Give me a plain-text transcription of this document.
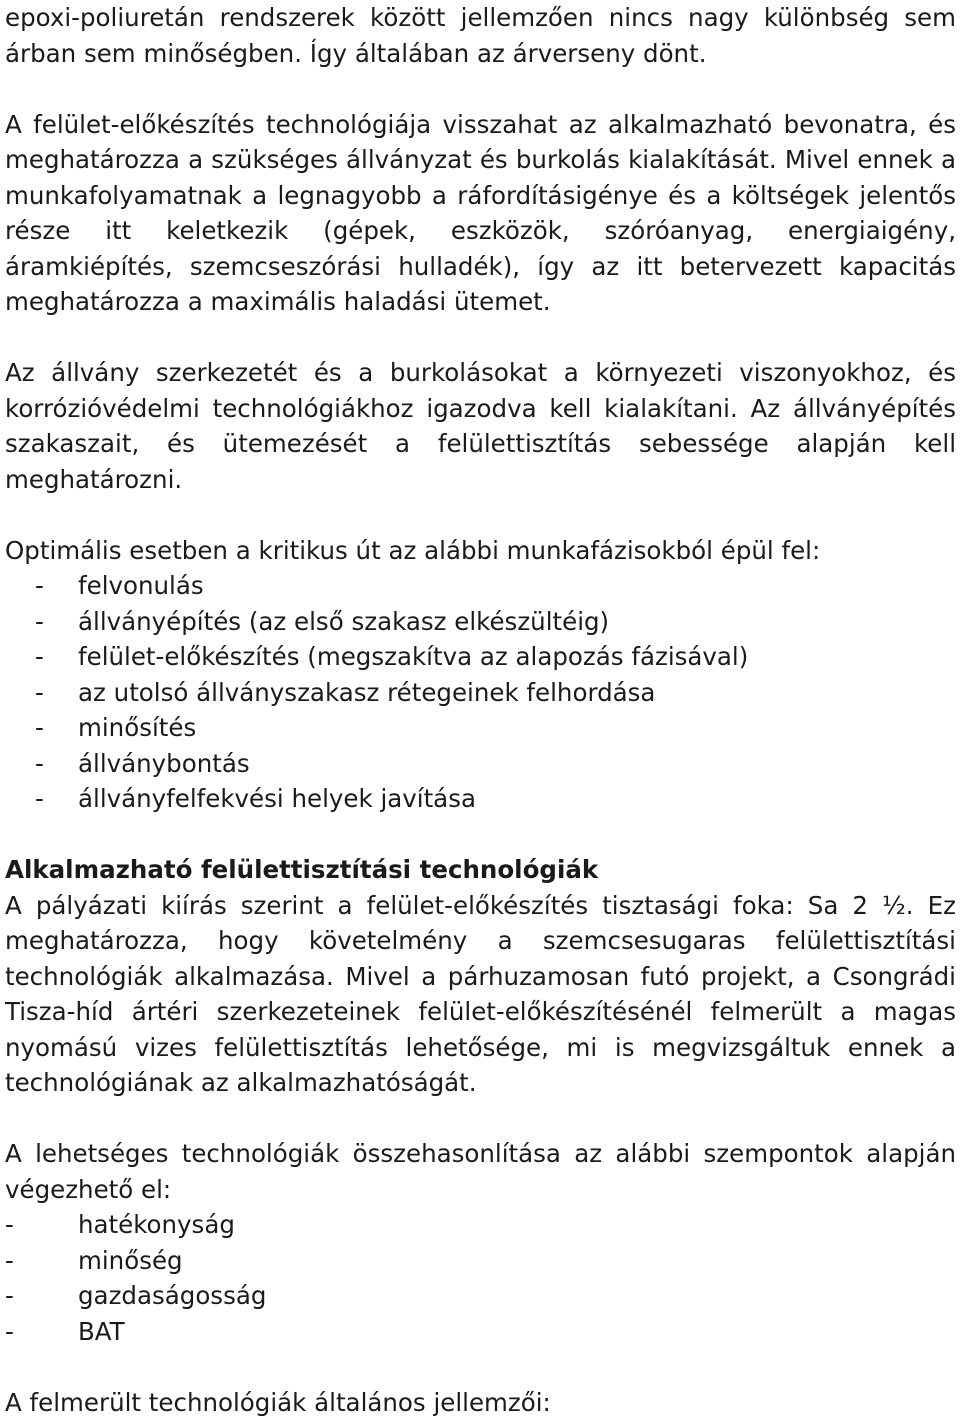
epoxi-poliuretán rendszerek között jellemzően nincs nagy különbség sem árban sem minőségben. Így általában az árverseny dönt.

A felület-előkészítés technológiája visszahat az alkalmazható bevonatra, és meghatározza a szükséges állványzat és burkolás kialakítását. Mivel ennek a munkafolyamatnak a legnagyobb a ráfordításigénye és a költségek jelentős része itt keletkezik (gépek, eszközök, szóróanyag, energiaigény, áramkiépítés, szemcseszórási hulladék), így az itt betervezett kapacitás meghatározza a maximális haladási ütemet.

Az állvány szerkezetét és a burkolásokat a környezeti viszonyokhoz, és korrózióvédelmi technológiákhoz igazodva kell kialakítani. Az állványépítés szakaszait, és ütemezését a felülettisztítás sebessége alapján kell meghatározni.

Optimális esetben a kritikus út az alábbi munkafázisokból épül fel:

- felvonulás
- állványépítés (az első szakasz elkészültéig)
- felület-előkészítés (megszakítva az alapozás fázisával)
- az utolsó állványszakasz rétegeinek felhordása
- minősítés
- állványbontás
- állványfelfekvési helyek javítása

Alkalmazható felülettisztítási technológiák

A pályázati kiírás szerint a felület-előkészítés tisztasági foka: Sa 2 ½. Ez meghatározza, hogy követelmény a szemcsesugaras felülettisztítási technológiák alkalmazása. Mivel a párhuzamosan futó projekt, a Csongrádi Tisza-híd ártéri szerkezeteinek felület-előkészítésénél felmerült a magas nyomású vizes felülettisztítás lehetősége, mi is megvizsgáltuk ennek a technológiának az alkalmazhatóságát.

A lehetséges technológiák összehasonlítása az alábbi szempontok alapján végezhető el:

-	hatékonyság
-	minőség
-	gazdaságosság
-	BAT

A felmerült technológiák általános jellemzői:
